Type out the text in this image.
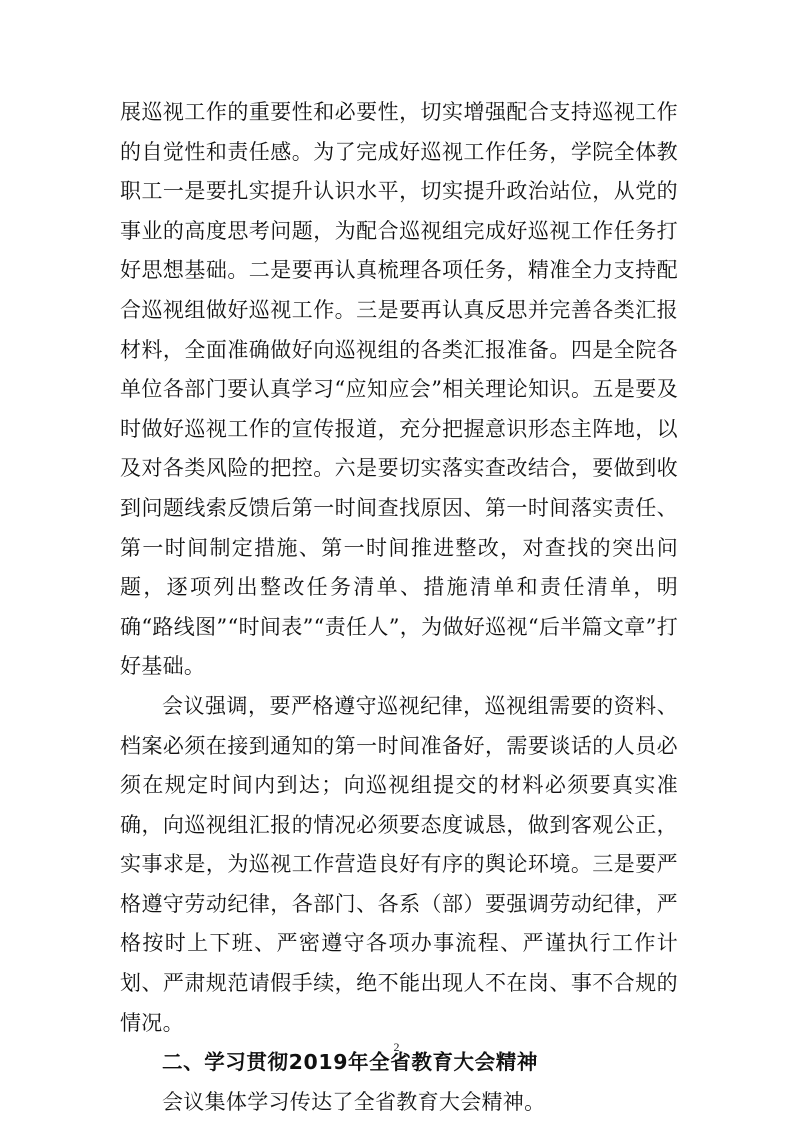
展巡视工作的重要性和必要性，切实增强配合支持巡视工作的自觉性和责任感。为了完成好巡视工作任务，学院全体教职工一是要扎实提升认识水平，切实提升政治站位，从党的事业的高度思考问题，为配合巡视组完成好巡视工作任务打好思想基础。二是要再认真梳理各项任务，精准全力支持配合巡视组做好巡视工作。三是要再认真反思并完善各类汇报材料，全面准确做好向巡视组的各类汇报准备。四是全院各单位各部门要认真学习“应知应会”相关理论知识。五是要及时做好巡视工作的宣传报道，充分把握意识形态主阵地，以及对各类风险的把控。六是要切实落实查改结合，要做到收到问题线索反馈后第一时间查找原因、第一时间落实责任、第一时间制定措施、第一时间推进整改，对查找的突出问题，逐项列出整改任务清单、措施清单和责任清单，明确“路线图”“时间表”“责任人”，为做好巡视“后半篇文章”打好基础。

会议强调，要严格遵守巡视纪律，巡视组需要的资料、档案必须在接到通知的第一时间准备好，需要谈话的人员必须在规定时间内到达；向巡视组提交的材料必须要真实准确，向巡视组汇报的情况必须要态度诚恳，做到客观公正，实事求是，为巡视工作营造良好有序的舆论环境。三是要严格遵守劳动纪律，各部门、各系（部）要强调劳动纪律，严格按时上下班、严密遵守各项办事流程、严谨执行工作计划、严肃规范请假手续，绝不能出现人不在岗、事不合规的情况。

二、学习贯彻2019年全省教育大会精神

会议集体学习传达了全省教育大会精神。

2
